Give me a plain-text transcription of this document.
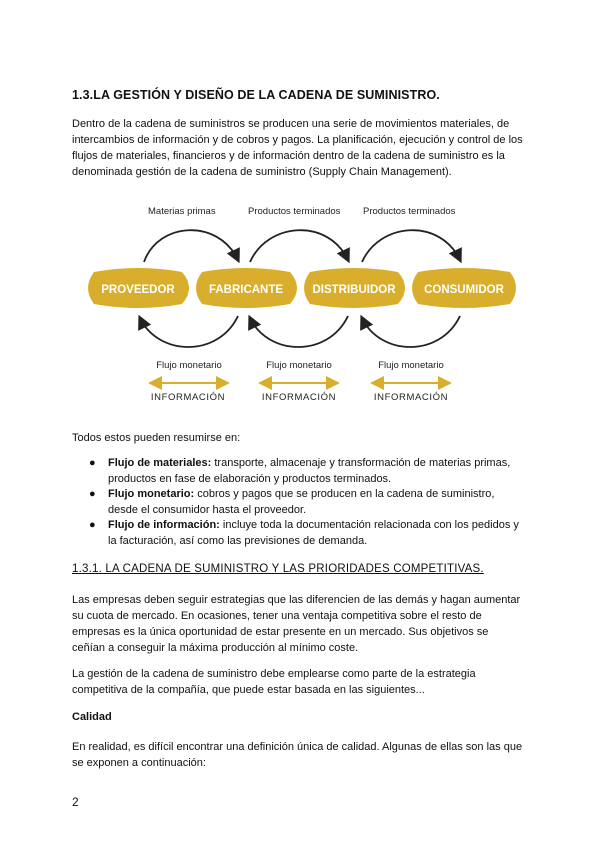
1.3.LA GESTIÓN Y DISEÑO DE LA CADENA DE SUMINISTRO.
Dentro de la cadena de suministros se producen una serie de movimientos materiales, de
intercambios de información y de cobros y pagos. La planificación, ejecución y control de los
flujos de materiales, financieros y de información dentro de la cadena de suministro es la
denominada gestión de la cadena de suministro (Supply Chain Management).
PROVEEDOR	FABRICANTE	DISTRIBUIDOR CONSUMIDOR
Materias primas	Productos terminados Productos terminados
Flujo monetario	Flujo monetario	Flujo monetario
INFORMACIÓN	INFORMACIÓN	INFORMACIÓN
Todos estos pueden resumirse en:
● Flujo de materiales: transporte, almacenaje y transformación de materias primas,
productos en fase de elaboración y productos terminados.
● Flujo monetario: cobros y pagos que se producen en la cadena de suministro,
desde el consumidor hasta el proveedor.
● Flujo de información: incluye toda la documentación relacionada con los pedidos y
la facturación, así como las previsiones de demanda.
1.3.1. LA CADENA DE SUMINISTRO Y LAS PRIORIDADES COMPETITIVAS.
Las empresas deben seguir estrategias que las diferencien de las demás y hagan aumentar
su cuota de mercado. En ocasiones, tener una ventaja competitiva sobre el resto de
empresas es la única oportunidad de estar presente en un mercado. Sus objetivos se
ceñían a conseguir la máxima producción al mínimo coste.
La gestión de la cadena de suministro debe emplearse como parte de la estrategia
competitiva de la compañía, que puede estar basada en las siguientes...
Calidad
En realidad, es difícil encontrar una definición única de calidad. Algunas de ellas son las que
se exponen a continuación:
2
